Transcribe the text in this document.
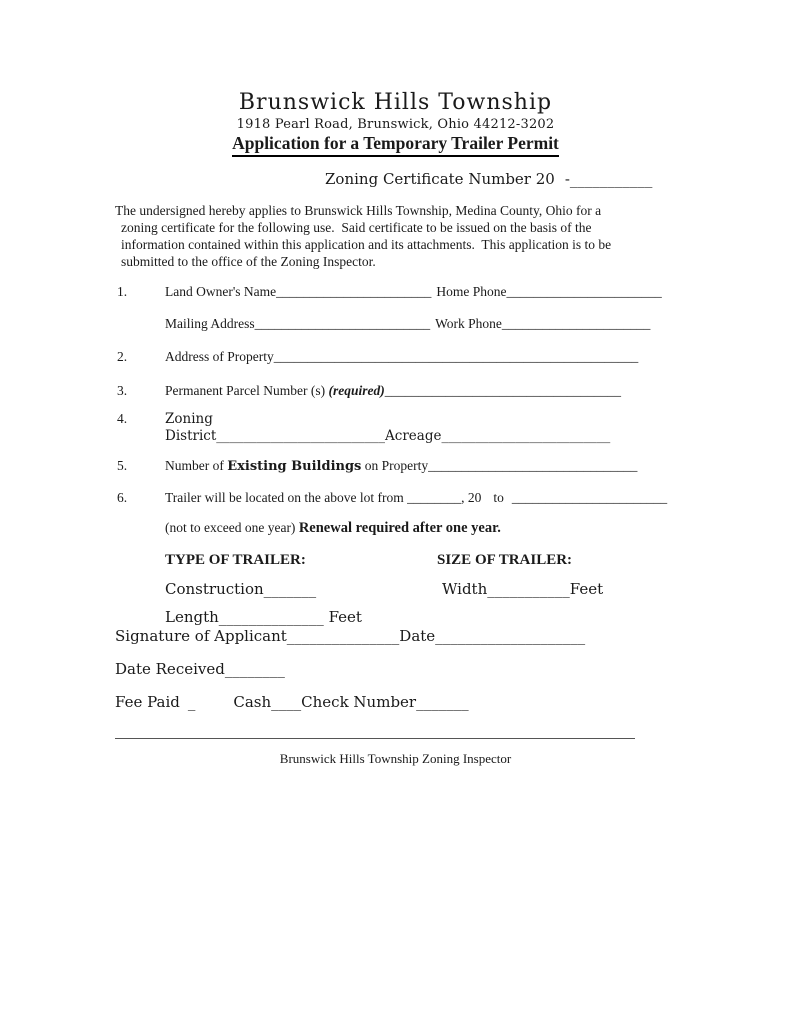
Brunswick Hills Township
1918 Pearl Road, Brunswick, Ohio 44212-3202
Application for a Temporary Trailer Permit
Zoning Certificate Number 20 -___________
The undersigned hereby applies to Brunswick Hills Township, Medina County, Ohio for a
zoning certificate for the following use.  Said certificate to be issued on the basis of the
information contained within this application and its attachments.  This application is to be
submitted to the office of the Zoning Inspector.
1.	Land Owner's Name_______________________ Home Phone_______________________
Mailing Address__________________________ Work Phone______________________
2.	Address of Property______________________________________________________
3.	Permanent Parcel Number (s) (required)___________________________________
4.	Zoning
District_________________________Acreage_________________________
5.	Number of Existing Buildings on Property_______________________________
6.	Trailer will be located on the above lot from ________, 20 to _______________________
(not to exceed one year) Renewal required after one year.
TYPE OF TRAILER:	SIZE OF TRAILER:
Construction_______	Width___________Feet
Length______________ Feet
Signature of Applicant_______________Date____________________
Date Received________
Fee Paid _	Cash____Check Number_______
Brunswick Hills Township Zoning Inspector
